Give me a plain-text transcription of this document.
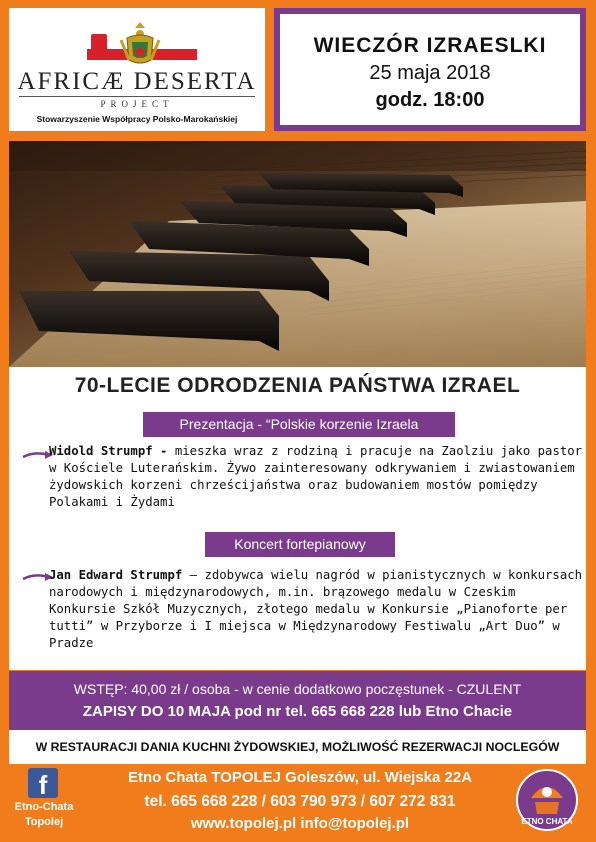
AFRICÆ DESERTA
PROJECT
Stowarzyszenie Współpracy Polsko-Marokańskiej
WIECZÓR IZRAESLKI
25 maja 2018
godz. 18:00
70-LECIE ODRODZENIA PAŃSTWA IZRAEL
Prezentacja - “Polskie korzenie Izraela
Widold Strumpf - mieszka wraz z rodziną i pracuje na Zaolziu jako pastor w Kościele Luterańskim. Żywo zainteresowany odkrywaniem i zwiastowaniem żydowskich korzeni chrześcijaństwa oraz budowaniem mostów pomiędzy Polakami i Żydami
Koncert fortepianowy
Jan Edward Strumpf – zdobywca wielu nagród w pianistycznych w konkursach narodowych i międzynarodowych, m.in. brązowego medalu w Czeskim Konkursie Szkół Muzycznych, złotego medalu w Konkursie „Pianoforte per tutti” w Przyborze i I miejsca w Międzynarodowy Festiwalu „Art Duo” w Pradze
WSTĘP: 40,00 zł / osoba - w cenie dodatkowo poczęstunek - CZULENT
ZAPISY DO 10 MAJA pod nr tel. 665 668 228 lub Etno Chacie
W RESTAURACJI DANIA KUCHNI ŻYDOWSKIEJ, MOŻLIWOŚĆ REZERWACJI NOCLEGÓW
f
Etno-Chata
Topolej
Etno Chata TOPOLEJ Goleszów, ul. Wiejska 22A
tel. 665 668 228 / 603 790 973 / 607 272 831
www.topolej.pl info@topolej.pl	ETNO CHATA
